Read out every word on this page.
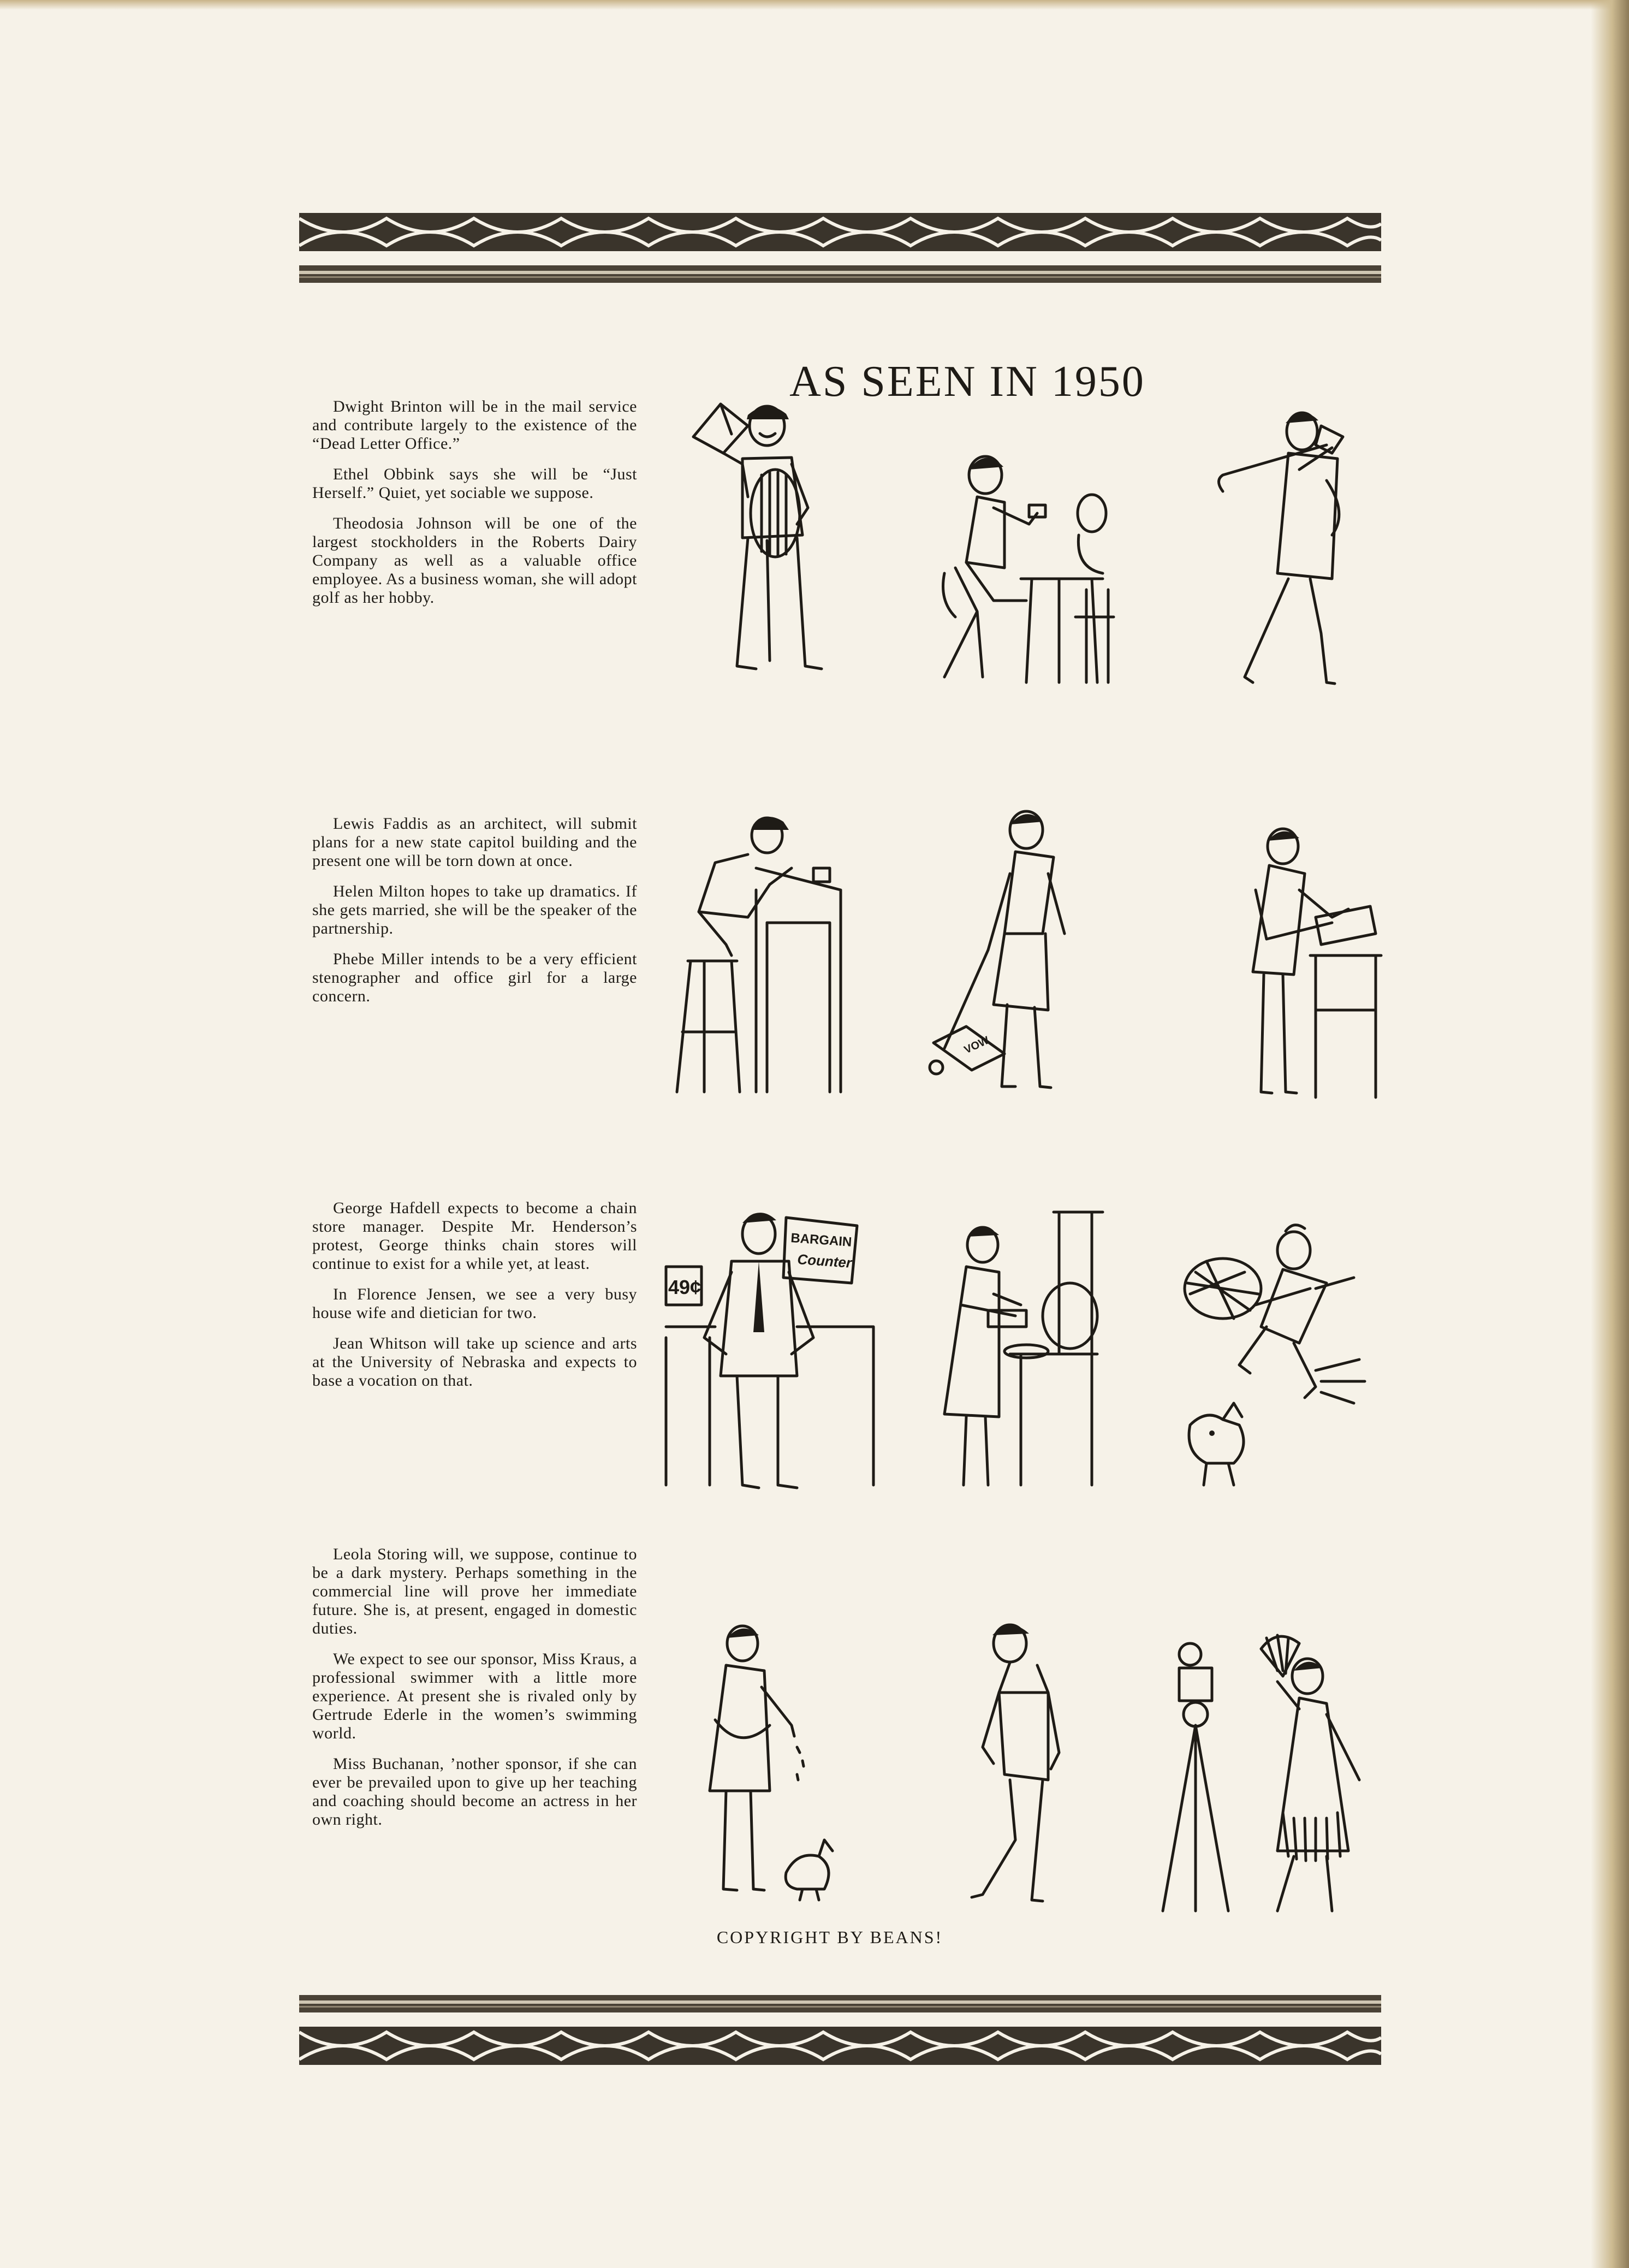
AS SEEN IN 1950

Dwight Brinton will be in the mail service and contribute largely to the existence of the “Dead Letter Office.”

Ethel Obbink says she will be “Just Herself.” Quiet, yet sociable we suppose.

Theodosia Johnson will be one of the largest stockholders in the Roberts Dairy Company as well as a valuable office employee. As a business woman, she will adopt golf as her hobby.

Lewis Faddis as an architect, will submit plans for a new state capitol building and the present one will be torn down at once.

Helen Milton hopes to take up dramatics. If she gets married, she will be the speaker of the partnership.

Phebe Miller intends to be a very efficient stenographer and office girl for a large concern.

VOW

George Hafdell expects to become a chain store manager. Despite Mr. Henderson’s protest, George thinks chain stores will continue to exist for a while yet, at least.

In Florence Jensen, we see a very busy house wife and dietician for two.

Jean Whitson will take up science and arts at the University of Nebraska and expects to base a vocation on that.

49¢
BARGAIN
Counter

Leola Storing will, we suppose, continue to be a dark mystery. Perhaps something in the commercial line will prove her immediate future. She is, at present, engaged in domestic duties.

We expect to see our sponsor, Miss Kraus, a professional swimmer with a little more experience. At present she is rivaled only by Gertrude Ederle in the women’s swimming world.

Miss Buchanan, ’nother sponsor, if she can ever be prevailed upon to give up her teaching and coaching should become an actress in her own right.

COPYRIGHT BY BEANS!
